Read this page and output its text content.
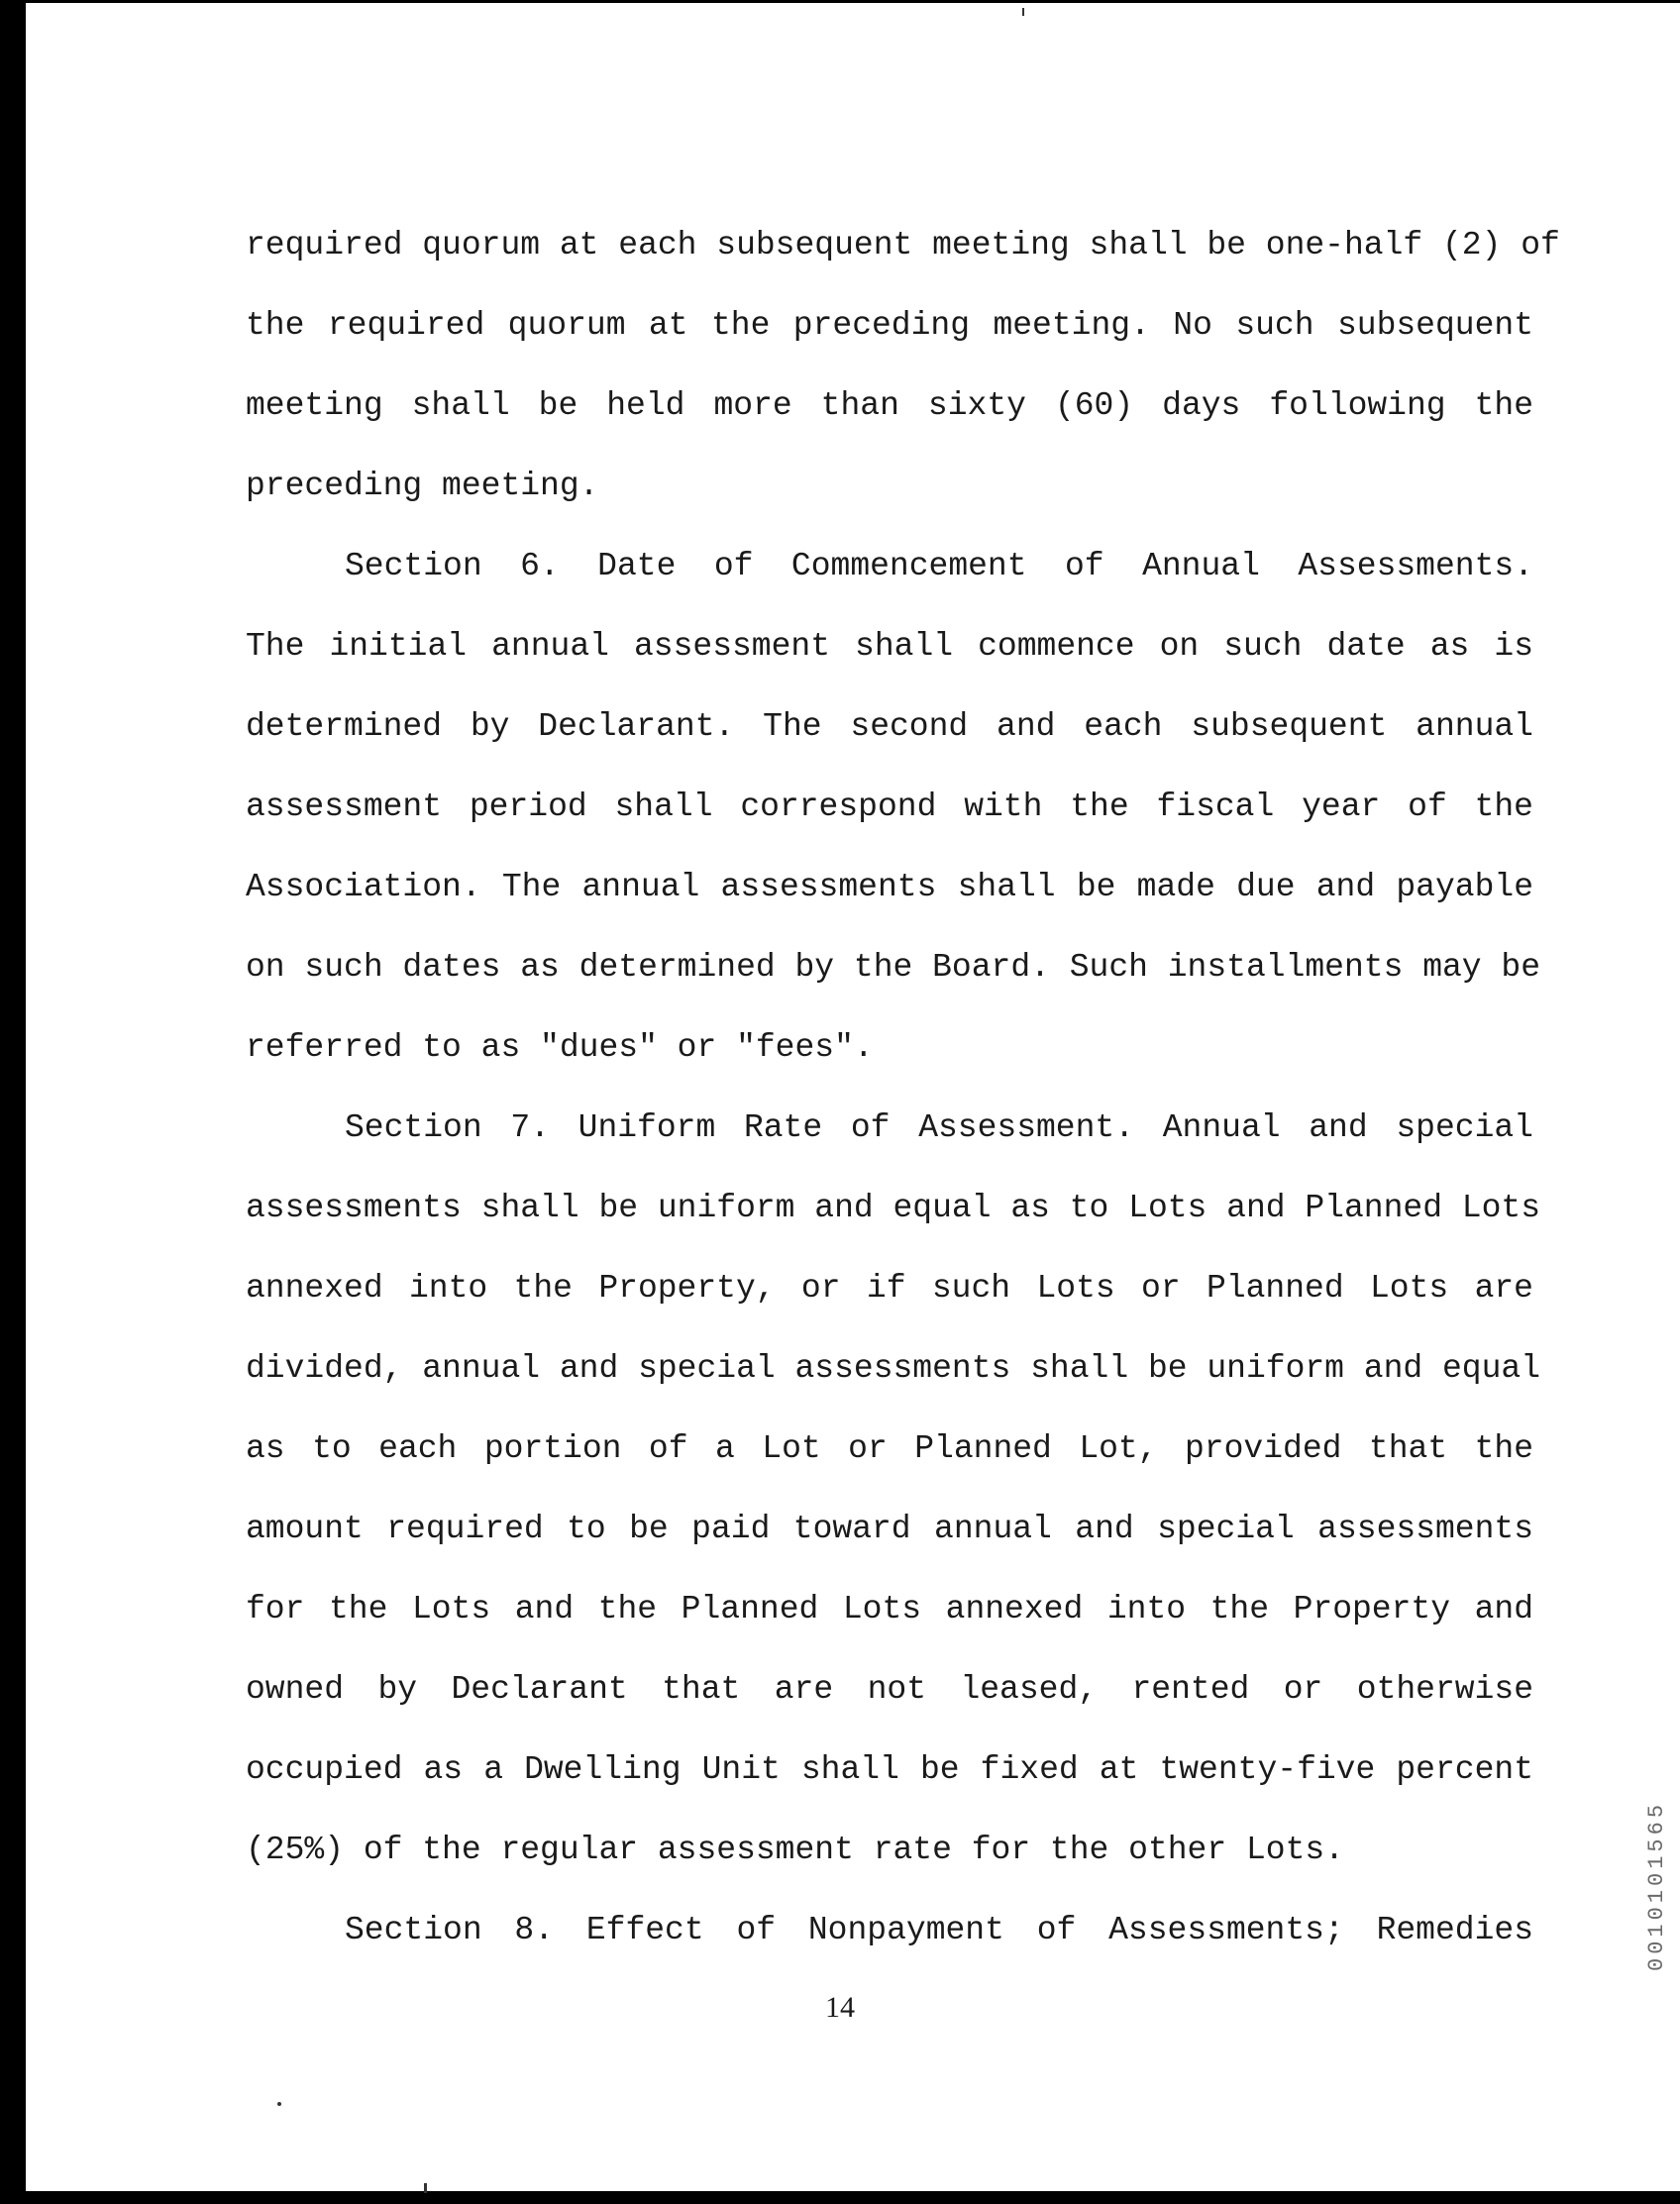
required quorum at each subsequent meeting shall be one-half (2) of
the required quorum at the preceding meeting. No such subsequent
meeting shall be held more than sixty (60) days following the
preceding meeting.
Section 6. Date of Commencement of Annual Assessments.
The initial annual assessment shall commence on such date as is
determined by Declarant. The second and each subsequent annual
assessment period shall correspond with the fiscal year of the
Association. The annual assessments shall be made due and payable
on such dates as determined by the Board. Such installments may be
referred to as "dues" or "fees".
Section 7. Uniform Rate of Assessment. Annual and special
assessments shall be uniform and equal as to Lots and Planned Lots
annexed into the Property, or if such Lots or Planned Lots are
divided, annual and special assessments shall be uniform and equal
as to each portion of a Lot or Planned Lot, provided that the
amount required to be paid toward annual and special assessments
for the Lots and the Planned Lots annexed into the Property and
owned by Declarant that are not leased, rented or otherwise
occupied as a Dwelling Unit shall be fixed at twenty-five percent
(25%) of the regular assessment rate for the other Lots.
Section 8. Effect of Nonpayment of Assessments; Remedies
14
0010101565
